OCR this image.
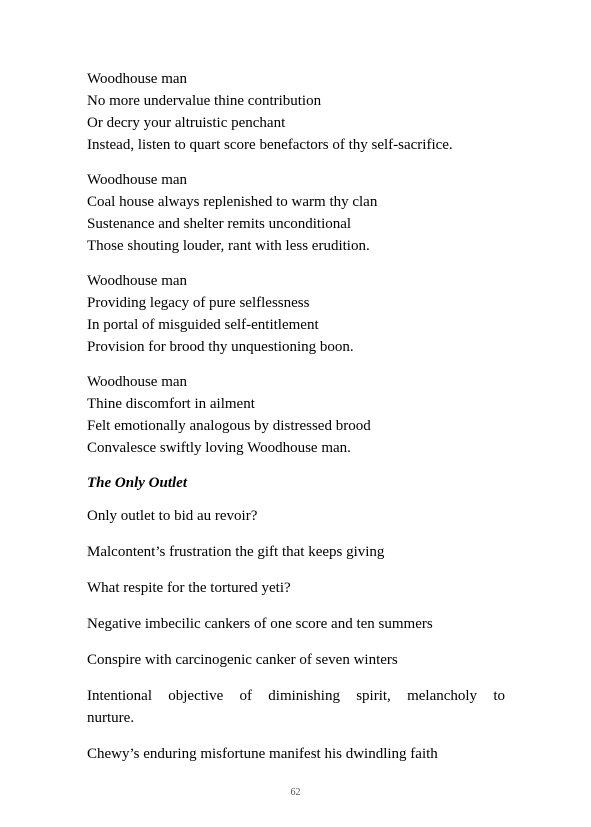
Woodhouse man
No more undervalue thine contribution
Or decry your altruistic penchant
Instead, listen to quart score benefactors of thy self-sacrifice.
Woodhouse man
Coal house always replenished to warm thy clan
Sustenance and shelter remits unconditional
Those shouting louder, rant with less erudition.
Woodhouse man
Providing legacy of pure selflessness
In portal of misguided self-entitlement
Provision for brood thy unquestioning boon.
Woodhouse man
Thine discomfort in ailment
Felt emotionally analogous by distressed brood
Convalesce swiftly loving Woodhouse man.
The Only Outlet
Only outlet to bid au revoir?
Malcontent’s frustration the gift that keeps giving
What respite for the tortured yeti?
Negative imbecilic cankers of one score and ten summers
Conspire with carcinogenic canker of seven winters
Intentional objective of diminishing spirit, melancholy to nurture.
Chewy’s enduring misfortune manifest his dwindling faith
62
